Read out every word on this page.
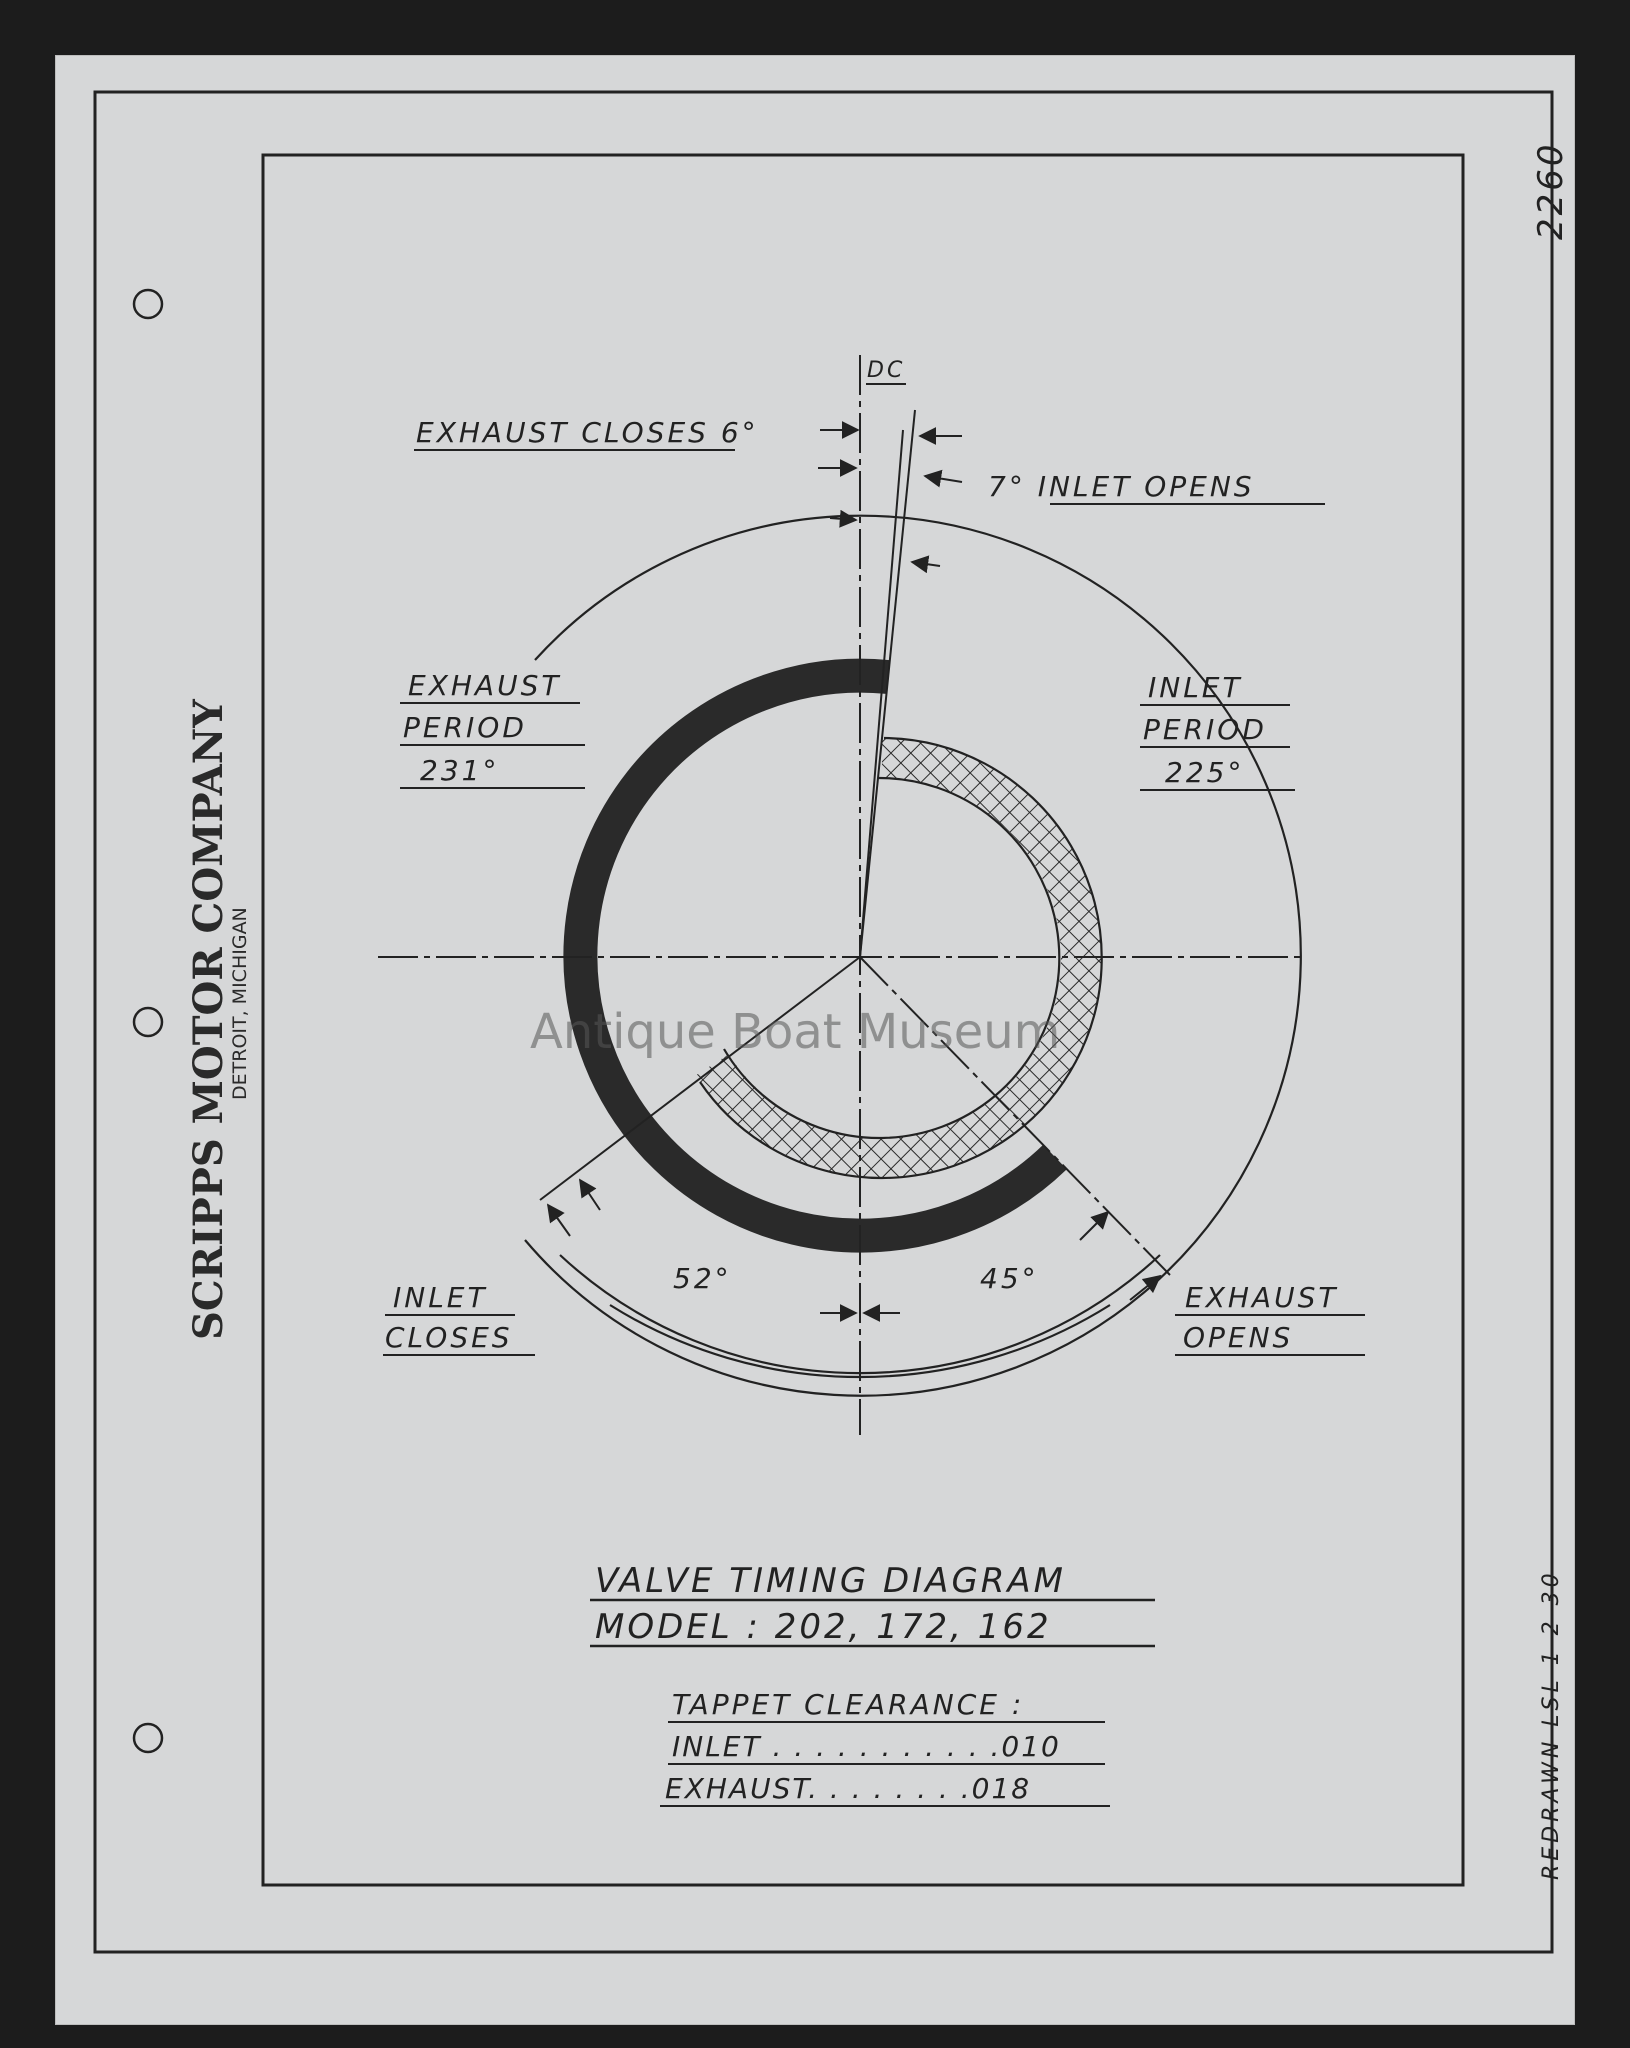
SCRIPPS MOTOR COMPANY
DETROIT, MICHIGAN
2260
REDRAWN LSL 1-2-30
DC
EXHAUST CLOSES 6°
7° INLET OPENS
EXHAUST
PERIOD
231°
INLET
PERIOD
225°
52°	45°
INLET
CLOSES
EXHAUST
OPENS
Antique Boat Museum
VALVE TIMING DIAGRAM
MODEL : 202, 172, 162
TAPPET CLEARANCE :
INLET . . . . . . . . . . .010
EXHAUST. . . . . . . .018
